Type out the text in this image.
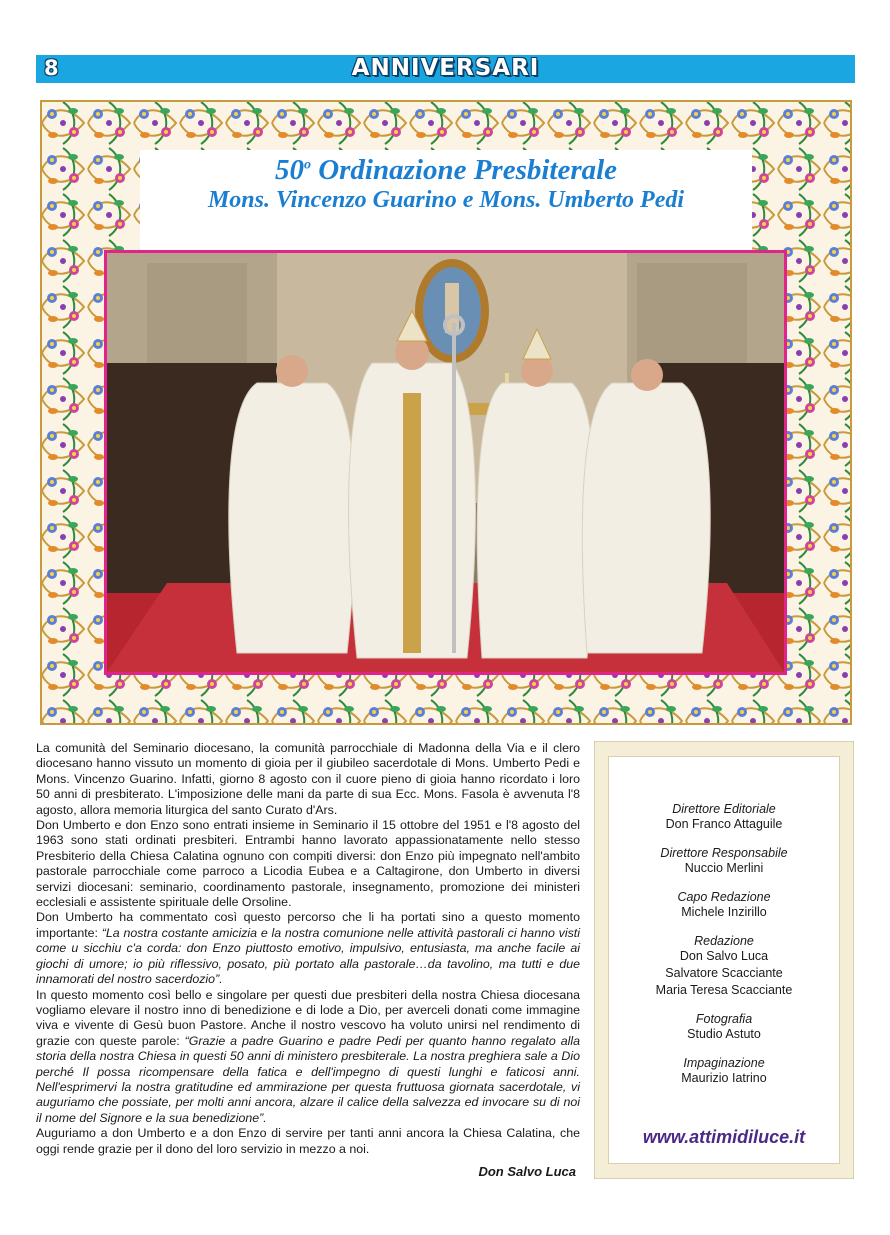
8	ANNIVERSARI
50$^o$ Ordinazione Presbiterale
Mons. Vincenzo Guarino e Mons. Umberto Pedi

La comunità del Seminario diocesano, la comunità parrocchiale di Madonna della Via e il clero diocesano hanno vissuto un momento di gioia per il giubileo sacerdotale di Mons. Umberto Pedi e Mons. Vincenzo Guarino. Infatti, giorno 8 agosto con il cuore pieno di gioia hanno ricordato i loro 50 anni di presbiterato. L'imposizione delle mani da parte di sua Ecc. Mons. Fasola è avvenuta l'8 agosto, allora memoria liturgica del santo Curato d'Ars.

Don Umberto e don Enzo sono entrati insieme in Seminario il 15 ottobre del 1951 e l'8 agosto del 1963 sono stati ordinati presbiteri. Entrambi hanno lavorato appassionatamente nello stesso Presbiterio della Chiesa Calatina ognuno con compiti diversi: don Enzo più impegnato nell'ambito pastorale parrocchiale come parroco a Licodia Eubea e a Caltagirone, don Umberto in diversi servizi diocesani: seminario, coordinamento pastorale, insegnamento, promozione dei ministeri ecclesiali e assistente spirituale delle Orsoline.

Don Umberto ha commentato così questo percorso che li ha portati sino a questo momento importante: “La nostra costante amicizia e la nostra comunione nelle attività pastorali ci hanno visti come u sicchiu c'a corda: don Enzo piuttosto emotivo, impulsivo, entusiasta, ma anche facile ai giochi di umore; io più riflessivo, posato, più portato alla pastorale…da tavolino, ma tutti e due innamorati del nostro sacerdozio”.

In questo momento così bello e singolare per questi due presbiteri della nostra Chiesa diocesana vogliamo elevare il nostro inno di benedizione e di lode a Dio, per averceli donati come immagine viva e vivente di Gesù buon Pastore. Anche il nostro vescovo ha voluto unirsi nel rendimento di grazie con queste parole: “Grazie a padre Guarino e padre Pedi per quanto hanno regalato alla storia della nostra Chiesa in questi 50 anni di ministero presbiterale. La nostra preghiera sale a Dio perché Il possa ricompensare della fatica e dell'impegno di questi lunghi e faticosi anni. Nell'esprimervi la nostra gratitudine ed ammirazione per questa fruttuosa giornata sacerdotale, vi auguriamo che possiate, per molti anni ancora, alzare il calice della salvezza ed invocare su di noi il nome del Signore e la sua benedizione”.

Auguriamo a don Umberto e a don Enzo di servire per tanti anni ancora la Chiesa Calatina, che oggi rende grazie per il dono del loro servizio in mezzo a noi.

Don Salvo Luca
Direttore Editoriale
Don Franco Attaguile
Direttore Responsabile
Nuccio Merlini
Capo Redazione
Michele Inzirillo
Redazione
Don Salvo Luca
Salvatore Scacciante
Maria Teresa Scacciante
Fotografia
Studio Astuto
Impaginazione
Maurizio Iatrino
www.attimidiluce.it
